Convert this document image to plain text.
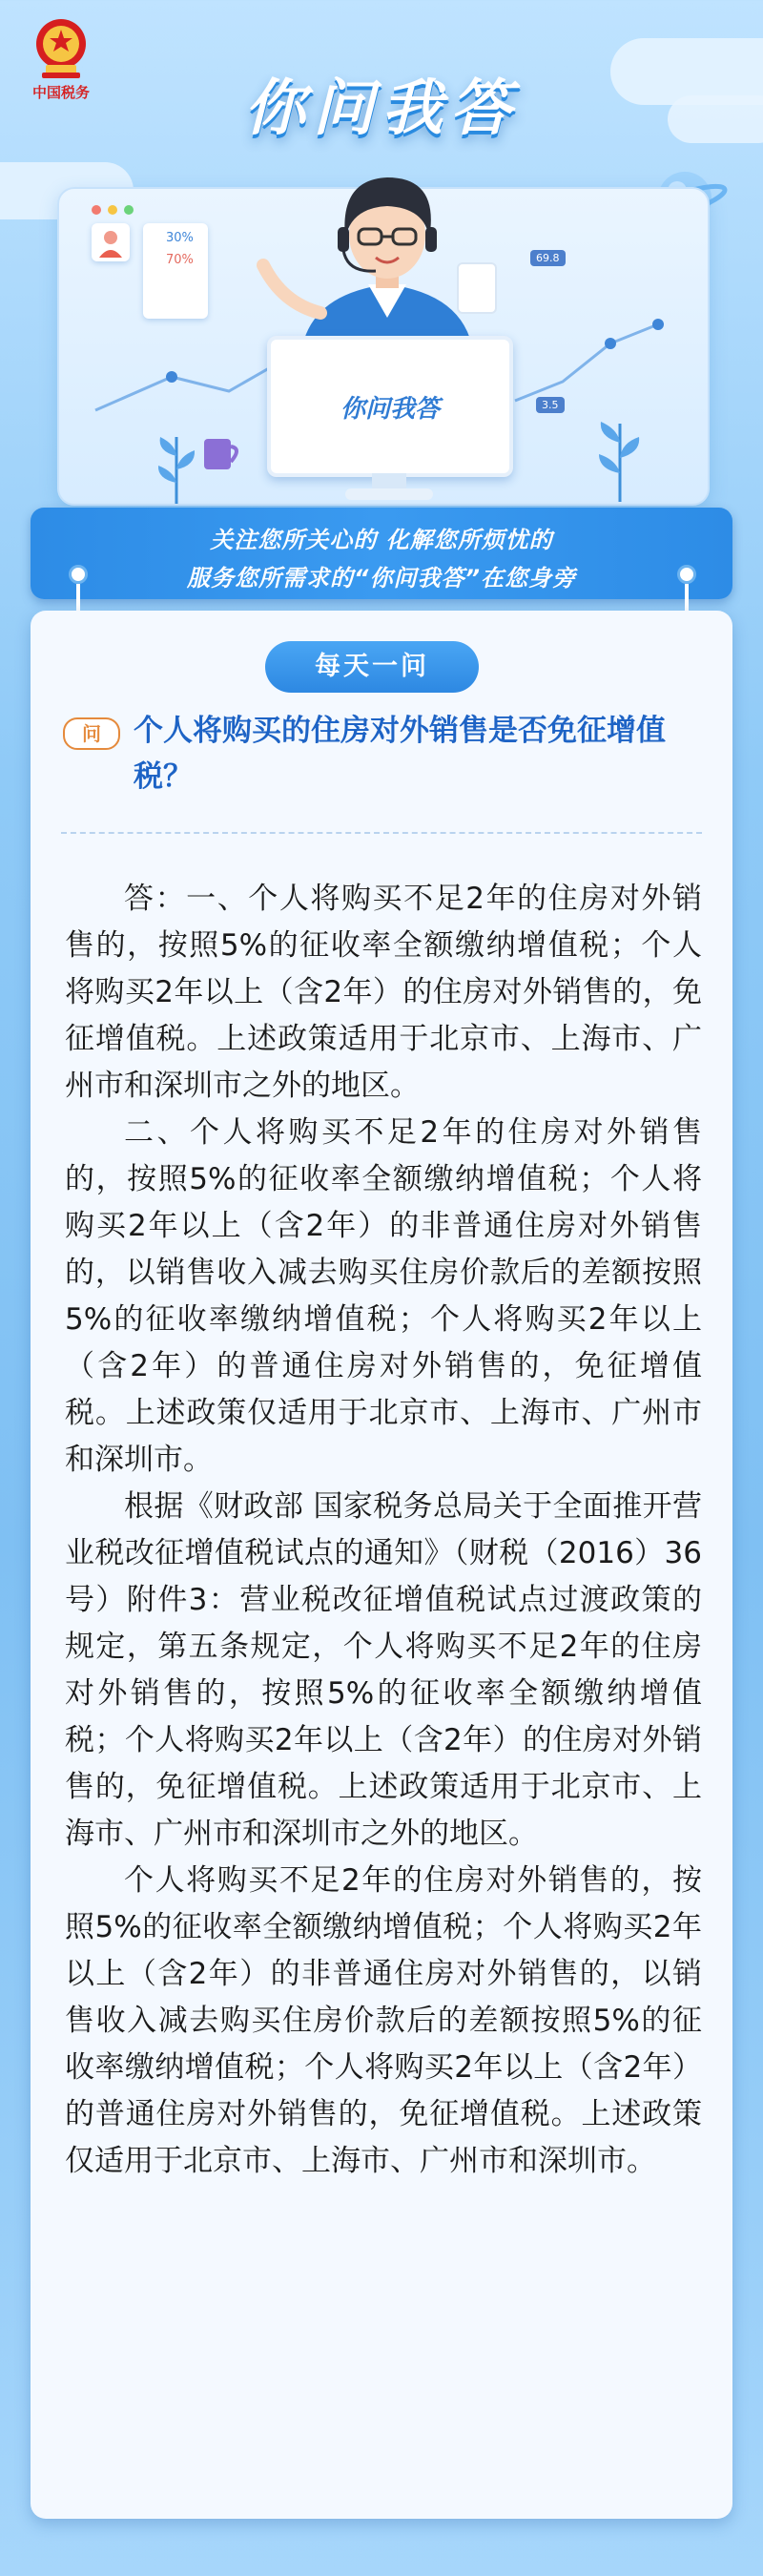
中国税务	你问我答
30%
70%	69.8
3.5
你问我答
关注您所关心的 化解您所烦忧的
服务您所需求的“你问我答”在您身旁
每天一问
问	个人将购买的住房对外销售是否免征增值税？

答：一、个人将购买不足2年的住房对外销售的，按照5%的征收率全额缴纳增值税；个人将购买2年以上（含2年）的住房对外销售的，免征增值税。上述政策适用于北京市、上海市、广州市和深圳市之外的地区。

二、个人将购买不足2年的住房对外销售的，按照5%的征收率全额缴纳增值税；个人将购买2年以上（含2年）的非普通住房对外销售的，以销售收入减去购买住房价款后的差额按照5%的征收率缴纳增值税；个人将购买2年以上（含2年）的普通住房对外销售的，免征增值税。上述政策仅适用于北京市、上海市、广州市和深圳市。

根据《财政部 国家税务总局关于全面推开营业税改征增值税试点的通知》（财税（2016）36号）附件3：营业税改征增值税试点过渡政策的规定，第五条规定，个人将购买不足2年的住房对外销售的，按照5%的征收率全额缴纳增值税；个人将购买2年以上（含2年）的住房对外销售的，免征增值税。上述政策适用于北京市、上海市、广州市和深圳市之外的地区。

个人将购买不足2年的住房对外销售的，按照5%的征收率全额缴纳增值税；个人将购买2年以上（含2年）的非普通住房对外销售的，以销售收入减去购买住房价款后的差额按照5%的征收率缴纳增值税；个人将购买2年以上（含2年）的普通住房对外销售的，免征增值税。上述政策仅适用于北京市、上海市、广州市和深圳市。
